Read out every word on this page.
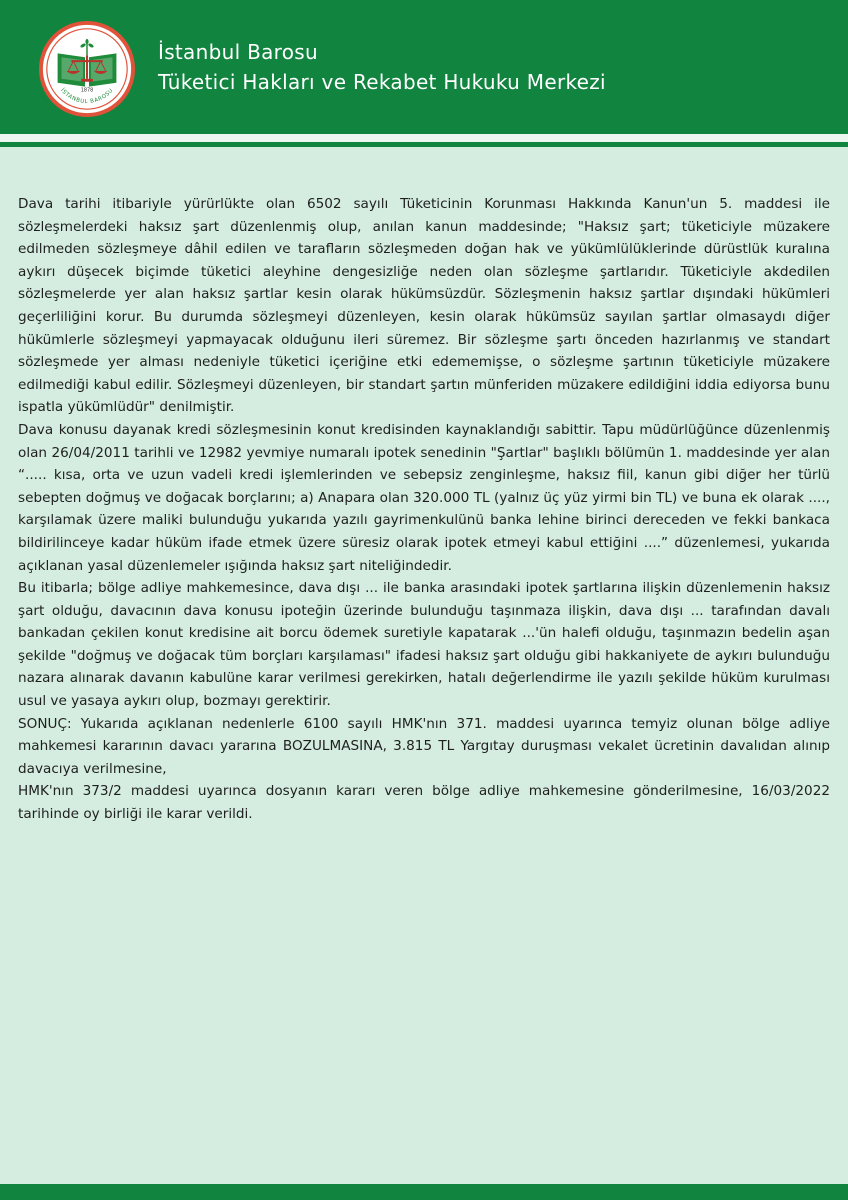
1878
İSTANBUL BAROSU
İstanbul Barosu
Tüketici Hakları ve Rekabet Hukuku Merkezi

Dava tarihi itibariyle yürürlükte olan 6502 sayılı Tüketicinin Korunması Hakkında Kanun'un 5. maddesi ile sözleşmelerdeki haksız şart düzenlenmiş olup, anılan kanun maddesinde; "Haksız şart; tüketiciyle müzakere edilmeden sözleşmeye dâhil edilen ve tarafların sözleşmeden doğan hak ve yükümlülüklerinde dürüstlük kuralına aykırı düşecek biçimde tüketici aleyhine dengesizliğe neden olan sözleşme şartlarıdır. Tüketiciyle akdedilen sözleşmelerde yer alan haksız şartlar kesin olarak hükümsüzdür. Sözleşmenin haksız şartlar dışındaki hükümleri geçerliliğini korur. Bu durumda sözleşmeyi düzenleyen, kesin olarak hükümsüz sayılan şartlar olmasaydı diğer hükümlerle sözleşmeyi yapmayacak olduğunu ileri süremez. Bir sözleşme şartı önceden hazırlanmış ve standart sözleşmede yer alması nedeniyle tüketici içeriğine etki edememişse, o sözleşme şartının tüketiciyle müzakere edilmediği kabul edilir. Sözleşmeyi düzenleyen, bir standart şartın münferiden müzakere edildiğini iddia ediyorsa bunu ispatla yükümlüdür" denilmiştir.

Dava konusu dayanak kredi sözleşmesinin konut kredisinden kaynaklandığı sabittir. Tapu müdürlüğünce düzenlenmiş olan 26/04/2011 tarihli ve 12982 yevmiye numaralı ipotek senedinin "Şartlar" başlıklı bölümün 1. maddesinde yer alan “..... kısa, orta ve uzun vadeli kredi işlemlerinden ve sebepsiz zenginleşme, haksız fiil, kanun gibi diğer her türlü sebepten doğmuş ve doğacak borçlarını; a) Anapara olan 320.000 TL (yalnız üç yüz yirmi bin TL) ve buna ek olarak ...., karşılamak üzere maliki bulunduğu yukarıda yazılı gayrimenkulünü banka lehine birinci dereceden ve fekki bankaca bildirilinceye kadar hüküm ifade etmek üzere süresiz olarak ipotek etmeyi kabul ettiğini ....” düzenlemesi, yukarıda açıklanan yasal düzenlemeler ışığında haksız şart niteliğindedir.

Bu itibarla; bölge adliye mahkemesince, dava dışı ... ile banka arasındaki ipotek şartlarına ilişkin düzenlemenin haksız şart olduğu, davacının dava konusu ipoteğin üzerinde bulunduğu taşınmaza ilişkin, dava dışı ... tarafından davalı bankadan çekilen konut kredisine ait borcu ödemek suretiyle kapatarak ...'ün halefi olduğu, taşınmazın bedelin aşan şekilde "doğmuş ve doğacak tüm borçları karşılaması" ifadesi haksız şart olduğu gibi hakkaniyete de aykırı bulunduğu nazara alınarak davanın kabulüne karar verilmesi gerekirken, hatalı değerlendirme ile yazılı şekilde hüküm kurulması usul ve yasaya aykırı olup, bozmayı gerektirir.

SONUÇ: Yukarıda açıklanan nedenlerle 6100 sayılı HMK'nın 371. maddesi uyarınca temyiz olunan bölge adliye mahkemesi kararının davacı yararına BOZULMASINA, 3.815 TL Yargıtay duruşması vekalet ücretinin davalıdan alınıp davacıya verilmesine,

HMK'nın 373/2 maddesi uyarınca dosyanın kararı veren bölge adliye mahkemesine gönderilmesine, 16/03/2022 tarihinde oy birliği ile karar verildi.
